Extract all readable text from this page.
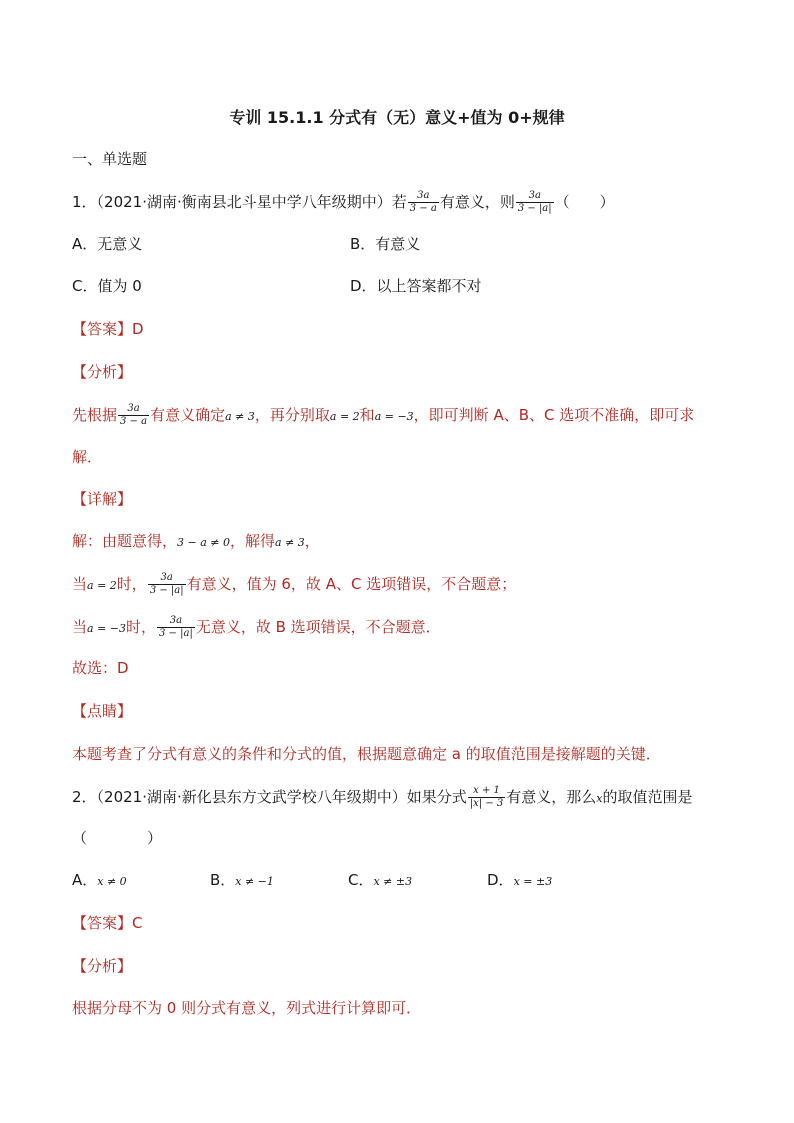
专训 15.1.1 分式有（无）意义+值为 0+规律
一、单选题
1．（2021·湖南·衡南县北斗星中学八年级期中）若 $\frac{3a}{3 - a}$ 有意义，则 $\frac{3a}{3 - |a|}$ （　　）
A．无意义	B．有意义
C．值为 0	D．以上答案都不对
【答案】D
【分析】
先根据 $\frac{3a}{3 - a}$ 有意义确定a ≠ 3，再分别取a = 2和a = −3，即可判断 A、B、C 选项不准确，即可求
解．
【详解】
解：由题意得，3 − a ≠ 0，解得a ≠ 3，
当a = 2时， $\frac{3a}{3 - |a|}$ 有意义，值为 6，故 A、C 选项错误，不合题意；
当a = −3时， $\frac{3a}{3 - |a|}$ 无意义，故 B 选项错误，不合题意．
故选：D
【点睛】
本题考查了分式有意义的条件和分式的值，根据题意确定 a 的取值范围是接解题的关键．
2．（2021·湖南·新化县东方文武学校八年级期中）如果分式 $\frac{x + 1}{|x| - 3}$ 有意义，那么x的取值范围是
（　　　　）
A．x ≠ 0	B．x ≠ −1	C．x ≠ ±3	D．x = ±3
【答案】C
【分析】
根据分母不为 0 则分式有意义，列式进行计算即可．
